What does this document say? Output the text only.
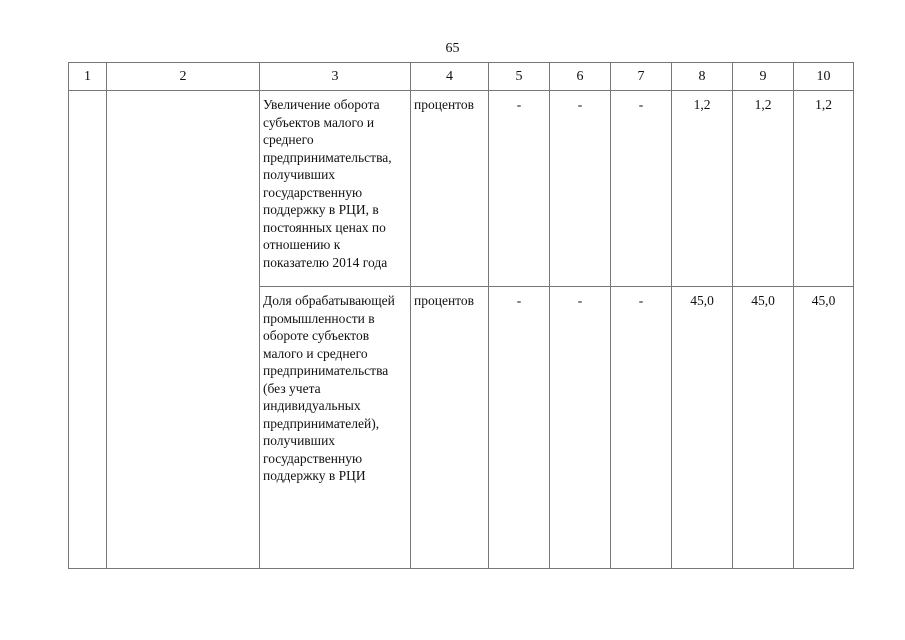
65
1	2	3	4	5	6	7	8	9	10
		Увеличение оборота субъектов малого и среднего предпринимательства, получивших государственную поддержку в РЦИ, в постоянных ценах по отношению к показателю 2014 года	процентов	-	-	-	1,2	1,2	1,2
		Доля обрабатывающей промышленности в обороте субъектов малого и среднего предпринимательства (без учета индивидуальных предпринимателей), получивших государственную поддержку в РЦИ	процентов	-	-	-	45,0	45,0	45,0
